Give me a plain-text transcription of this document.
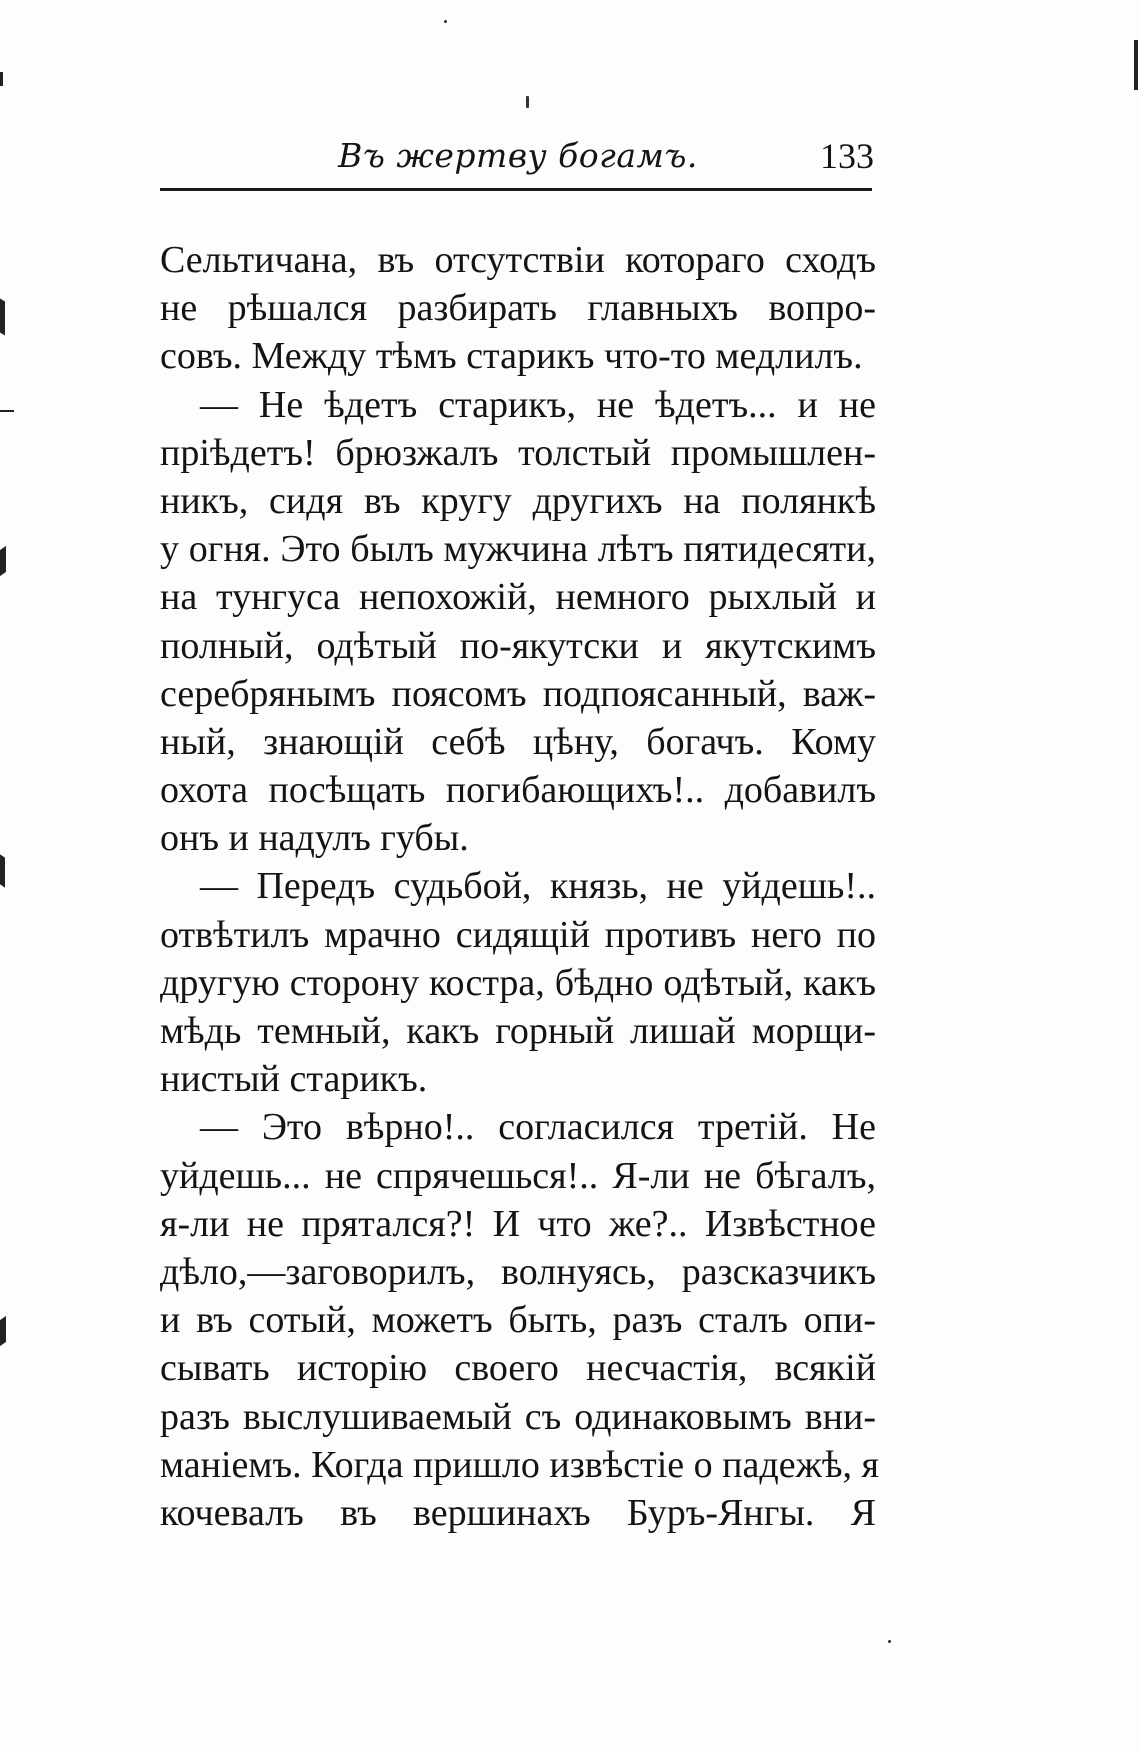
Въ жертву богамъ.	133
Сельтичана, въ отсутствіи котораго сходъ
не рѣшался разбирать главныхъ вопро-
совъ. Между тѣмъ старикъ что-то медлилъ.
— Не ѣдетъ старикъ, не ѣдетъ... и не
пріѣдетъ! брюзжалъ толстый промышлен-
никъ, сидя въ кругу другихъ на полянкѣ
у огня. Это былъ мужчина лѣтъ пятидесяти,
на тунгуса непохожій, немного рыхлый и
полный, одѣтый по-якутски и якутскимъ
серебрянымъ поясомъ подпоясанный, важ-
ный, знающій себѣ цѣну, богачъ. Кому
охота посѣщать погибающихъ!.. добавилъ
онъ и надулъ губы.
— Передъ судьбой, князь, не уйдешь!..
отвѣтилъ мрачно сидящій противъ него по
другую сторону костра, бѣдно одѣтый, какъ
мѣдь темный, какъ горный лишай морщи-
нистый старикъ.
— Это вѣрно!.. согласился третій. Не
уйдешь... не спрячешься!.. Я-ли не бѣгалъ,
я-ли не прятался?! И что же?.. Извѣстное
дѣло,—заговорилъ, волнуясь, разсказчикъ
и въ сотый, можетъ быть, разъ сталъ опи-
сывать исторію своего несчастія, всякій
разъ выслушиваемый съ одинаковымъ вни-
маніемъ. Когда пришло извѣстіе о падежѣ, я
кочевалъ въ вершинахъ Буръ-Янгы. Я
